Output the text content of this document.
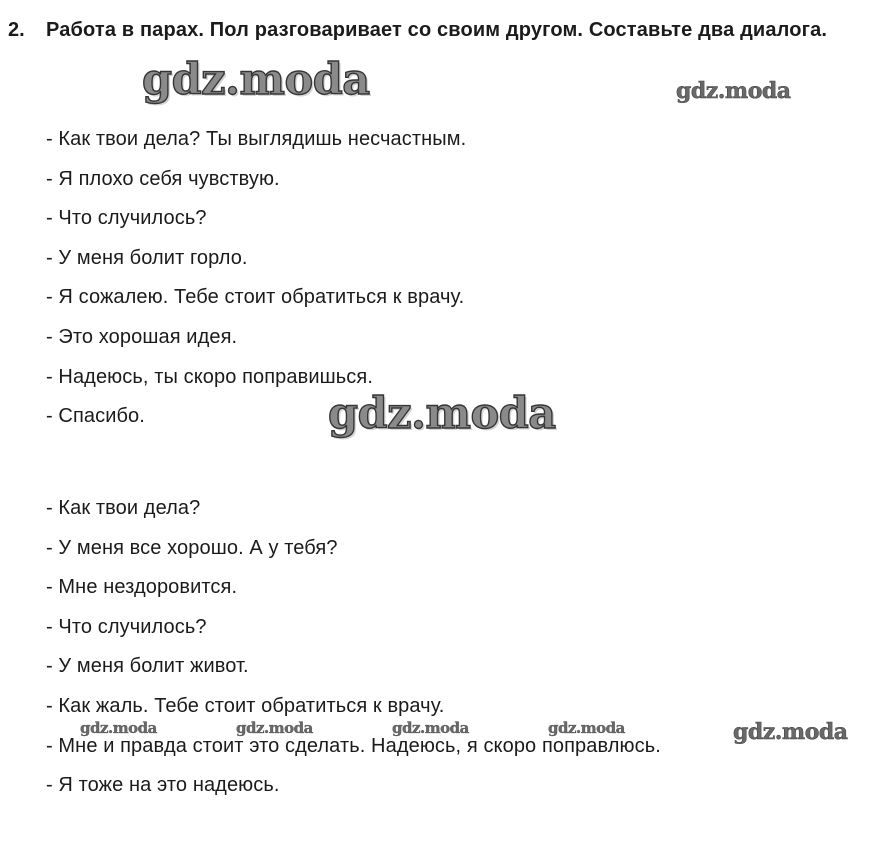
2. Работа в парах. Пол разговаривает со своим другом. Составьте два диалога.
- Как твои дела? Ты выглядишь несчастным.
- Я плохо себя чувствую.
- Что случилось?
- У меня болит горло.
- Я сожалею. Тебе стоит обратиться к врачу.
- Это хорошая идея.
- Надеюсь, ты скоро поправишься.
- Спасибо.
- Как твои дела?
- У меня все хорошо. А у тебя?
- Мне нездоровится.
- Что случилось?
- У меня болит живот.
- Как жаль. Тебе стоит обратиться к врачу.
- Мне и правда стоит это сделать. Надеюсь, я скоро поправлюсь.
- Я тоже на это надеюсь.
gdz.moda	gdz.moda
gdz.moda
gdz.moda	gdz.moda	gdz.moda	gdz.moda	gdz.moda
